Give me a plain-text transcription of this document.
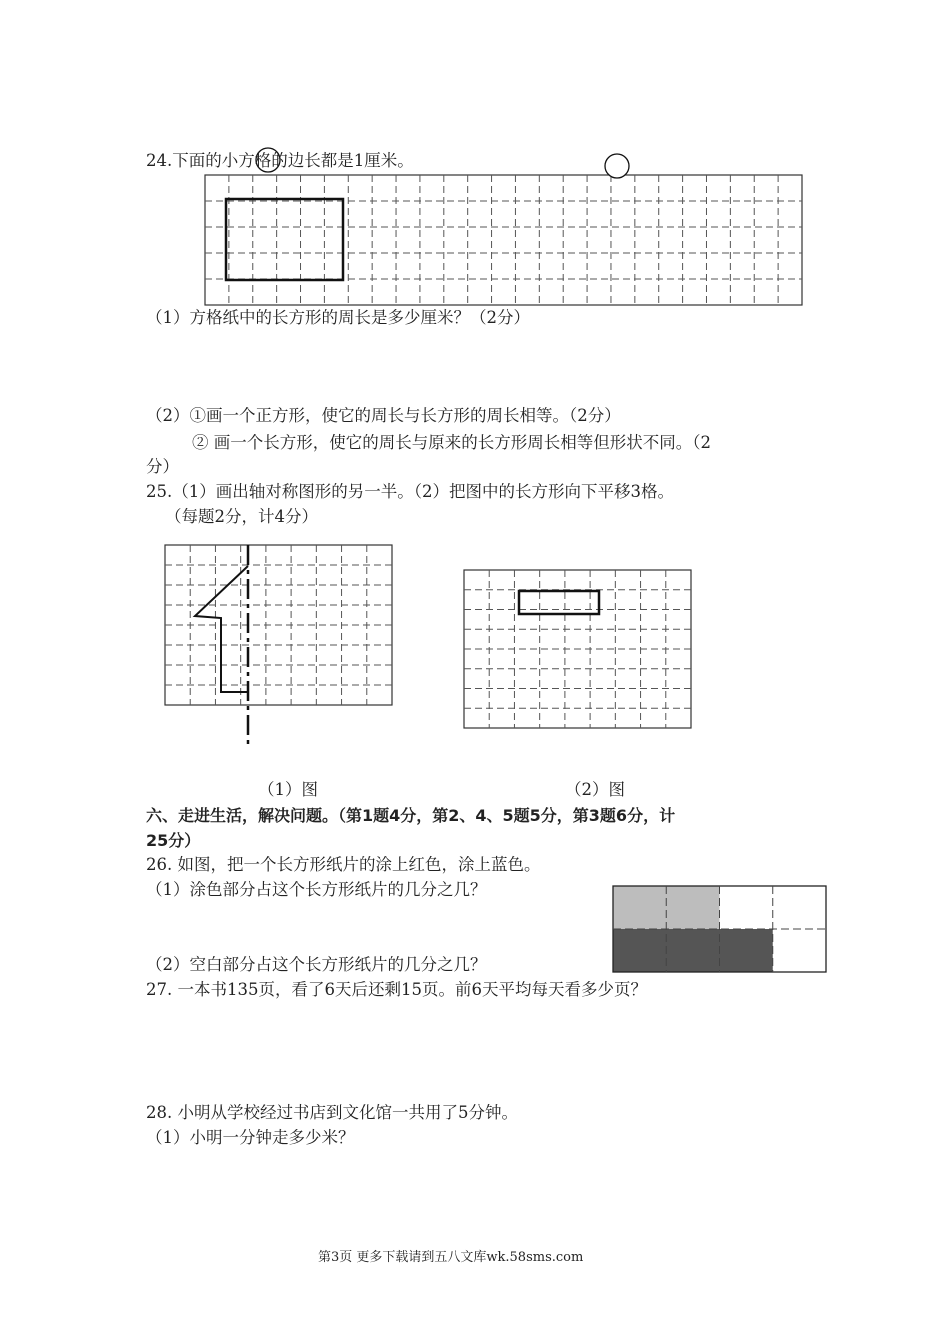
24.下面的小方格的边长都是1厘米。
（1）方格纸中的长方形的周长是多少厘米？（2分）
（2）①画一个正方形，使它的周长与长方形的周长相等。（2分）
② 画一个长方形，使它的周长与原来的长方形周长相等但形状不同。（2
分）
25.（1）画出轴对称图形的另一半。（2）把图中的长方形向下平移3格。
（每题2分，计4分）
（1）图	（2）图
六、走进生活，解决问题。（第1题4分，第2、4、5题5分，第3题6分，计
25分）
26. 如图，把一个长方形纸片的涂上红色，涂上蓝色。
（1）涂色部分占这个长方形纸片的几分之几？
（2）空白部分占这个长方形纸片的几分之几？
27. 一本书135页，看了6天后还剩15页。前6天平均每天看多少页？
28. 小明从学校经过书店到文化馆一共用了5分钟。
（1）小明一分钟走多少米？
第3页 更多下载请到五八文库wk.58sms.com
